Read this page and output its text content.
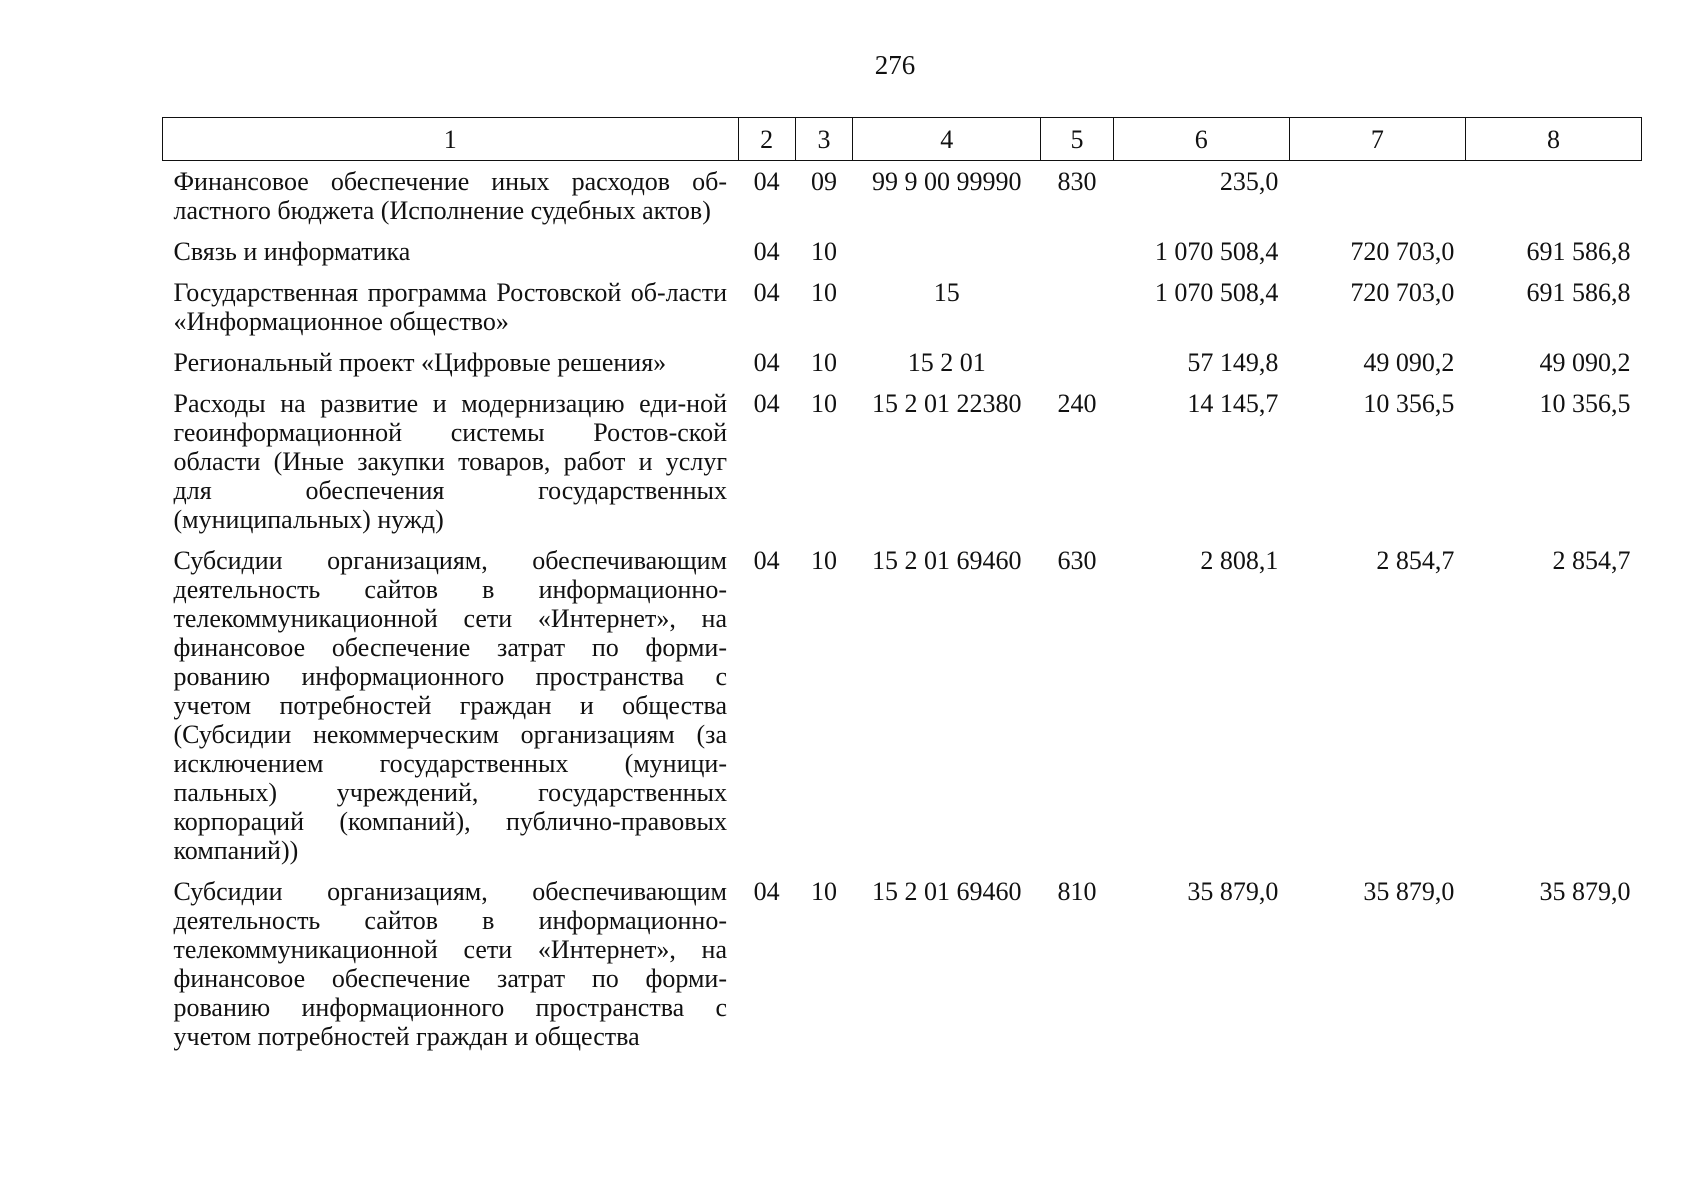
276
1	2	3	4	5	6	7	8
Финансовое обеспечение иных расходов об-ластного бюджета (Исполнение судебных актов)	04	09	99 9 00 99990	830	235,0		
Связь и информатика	04	10			1 070 508,4	720 703,0	691 586,8
Государственная программа Ростовской об-ласти «Информационное общество»	04	10	15		1 070 508,4	720 703,0	691 586,8
Региональный проект «Цифровые решения»	04	10	15 2 01		57 149,8	49 090,2	49 090,2
Расходы на развитие и модернизацию еди-ной геоинформационной системы Ростов-ской области (Иные закупки товаров, работ и услуг для обеспечения государственных (муниципальных) нужд)	04	10	15 2 01 22380	240	14 145,7	10 356,5	10 356,5
Субсидии организациям, обеспечивающим деятельность сайтов в информационно-телекоммуникационной сети «Интернет», на финансовое обеспечение затрат по форми-рованию информационного пространства с учетом потребностей граждан и общества (Субсидии некоммерческим организациям (за исключением государственных (муници-пальных) учреждений, государственных корпораций (компаний), публично-правовых компаний))	04	10	15 2 01 69460	630	2 808,1	2 854,7	2 854,7
Субсидии организациям, обеспечивающим деятельность сайтов в информационно-телекоммуникационной сети «Интернет», на финансовое обеспечение затрат по форми-рованию информационного пространства с учетом потребностей граждан и общества	04	10	15 2 01 69460	810	35 879,0	35 879,0	35 879,0
